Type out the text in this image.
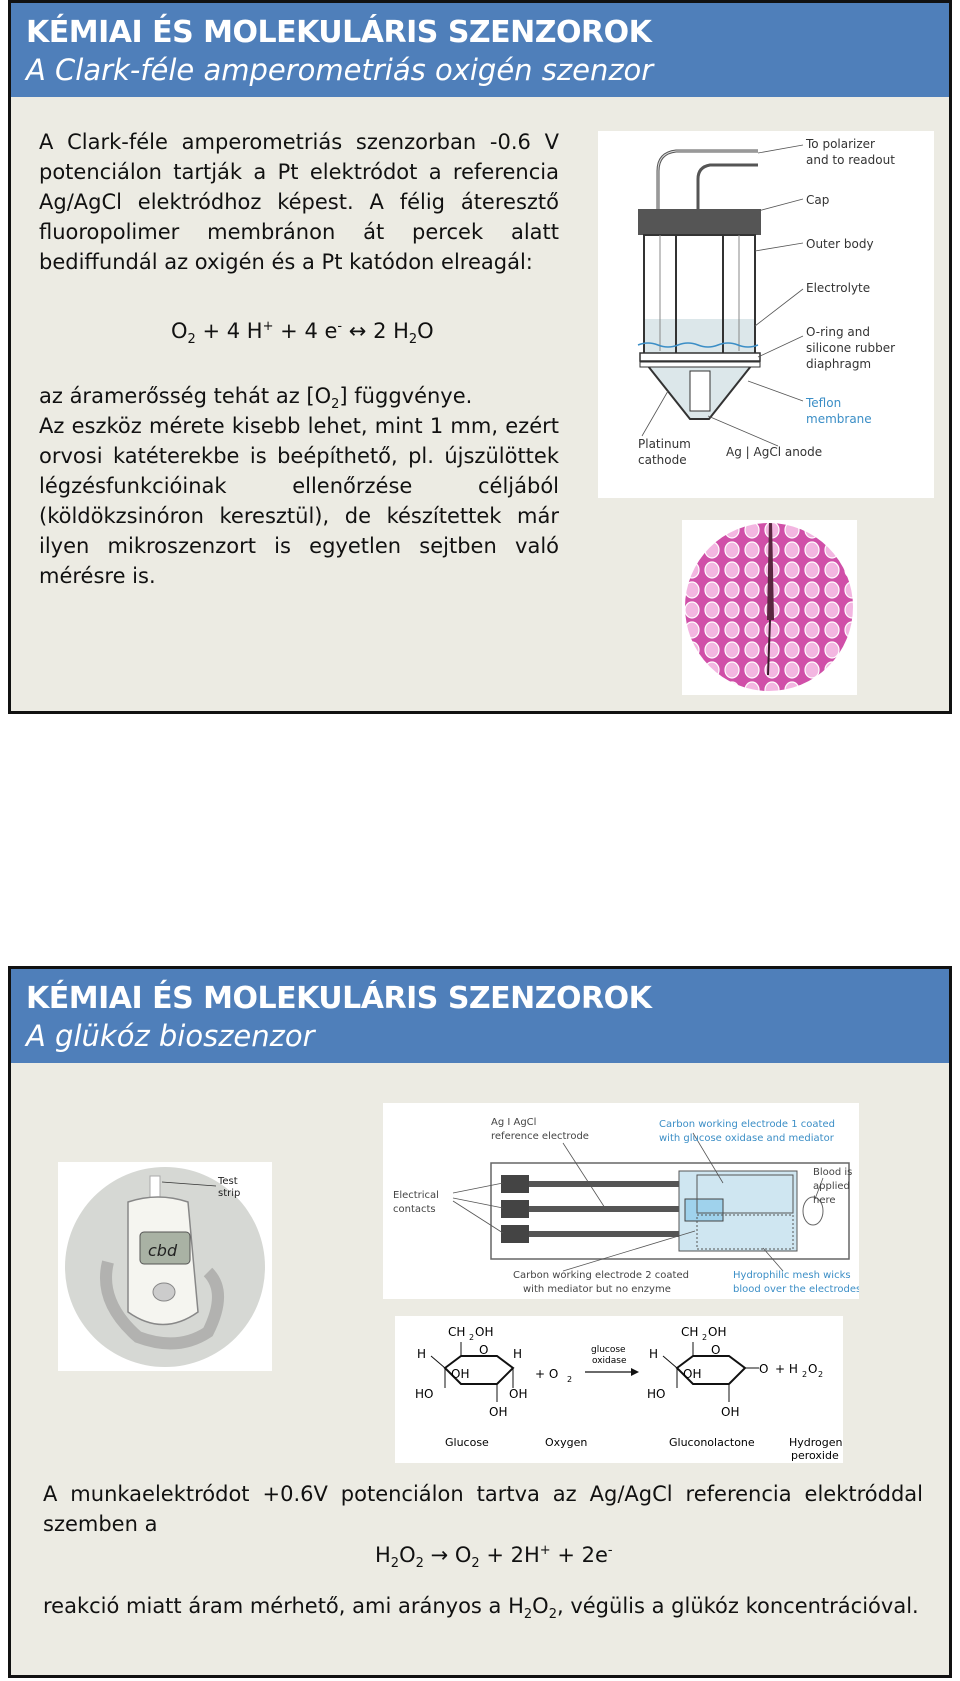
KÉMIAI ÉS MOLEKULÁRIS SZENZOROK
A Clark-féle amperometriás oxigén szenzor
A Clark-féle amperometriás szenzorban -0.6 V potenciálon tartják a Pt elektródot a referencia Ag/AgCl elektródhoz képest. A félig áteresztő fluoropolimer membránon át percek alatt bediffundál az oxigén és a Pt katódon elreagál:
$O_2 + 4$ H+ + 4 e- ↔ 2 $H_2O$
az áramerősség tehát az $[O_2]$ függvénye.
Az eszköz mérete kisebb lehet, mint 1 mm, ezért orvosi katéterekbe is beépíthető, pl. újszülöttek légzésfunkcióinak ellenőrzése céljából (köldökzsinóron keresztül), de készítettek már ilyen mikroszenzort is egyetlen sejtben való mérésre is.
To polarizer
and to readout
Cap
Outer body
Electrolyte
O-ring and
silicone rubber
diaphragm
Teflon
membrane
Platinum
cathode
Ag | AgCl anode
KÉMIAI ÉS MOLEKULÁRIS SZENZOROK
A glükóz bioszenzor
cbd
Test
strip
Ag I AgCl
reference electrode
Carbon working electrode 1 coated
with glucose oxidase and mediator
Electrical
contacts
Blood is
applied
here
Carbon working electrode 2 coated
with mediator but no enzyme
Hydrophilic mesh wicks
blood over the electrodes
CH 2 OH
O
H	H
OH
HO	OH
OH
+ O 2
glucose
oxidase
CH 2 OH
O
H
OH
HO
OH
O + H 2 O 2
Glucose	Oxygen	Gluconolactone	Hydrogen
peroxide
A munkaelektródot +0.6V potenciálon tartva az Ag/AgCl referencia elektróddal szemben a
$H_2O_2 \to O_2 + 2H^+ + 2e^-$
reakció miatt áram mérhető, ami arányos a $H_2O_2$, végülis a glükóz koncentrációval.
